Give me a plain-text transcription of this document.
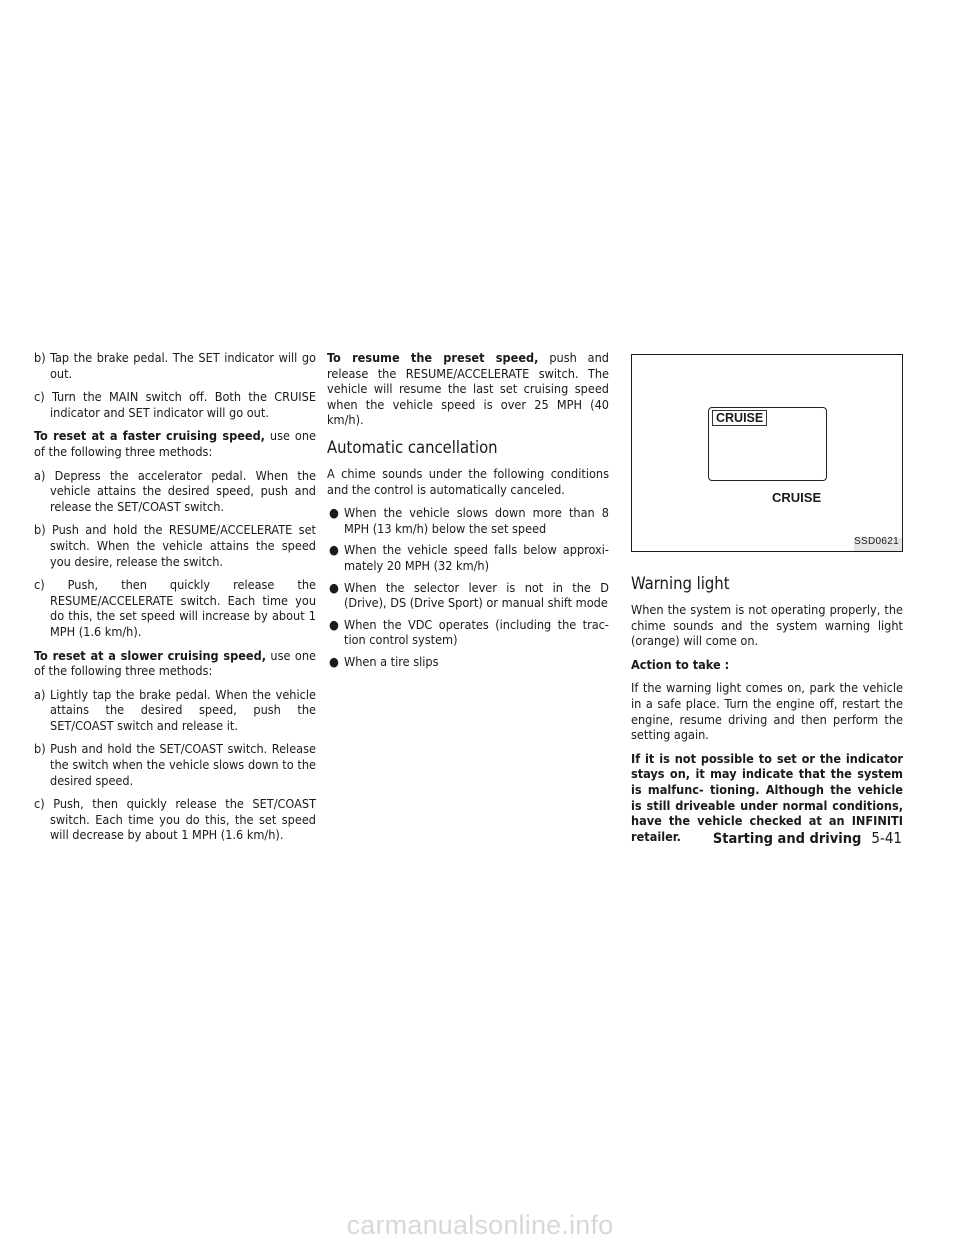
b) Tap the brake pedal. The SET indicator will go out.
c) Turn the MAIN switch off. Both the CRUISE indicator and SET indicator will go out.

To reset at a faster cruising speed, use one of the following three methods:

a) Depress the accelerator pedal. When the vehicle attains the desired speed, push and release the SET/COAST switch.
b) Push and hold the RESUME/ACCELERATE set switch. When the vehicle attains the speed you desire, release the switch.
c) Push, then quickly release the RESUME/ACCELERATE switch. Each time you do this, the set speed will increase by about 1 MPH (1.6 km/h).

To reset at a slower cruising speed, use one of the following three methods:

a) Lightly tap the brake pedal. When the vehicle attains the desired speed, push the SET/COAST switch and release it.
b) Push and hold the SET/COAST switch. Release the switch when the vehicle slows down to the desired speed.
c) Push, then quickly release the SET/COAST switch. Each time you do this, the set speed will decrease by about 1 MPH (1.6 km/h).

To resume the preset speed, push and release the RESUME/ACCELERATE switch. The vehicle will resume the last set cruising speed when the vehicle speed is over 25 MPH (40 km/h).

Automatic cancellation

A chime sounds under the following conditions and the control is automatically canceled.

● When the vehicle slows down more than 8 MPH (13 km/h) below the set speed
● When the vehicle speed falls below approxi- mately 20 MPH (32 km/h)
● When the selector lever is not in the D (Drive), DS (Drive Sport) or manual shift mode
● When the VDC operates (including the trac- tion control system)
● When a tire slips
CRUISE
CRUISE
SSD0621
Warning light

When the system is not operating properly, the chime sounds and the system warning light (orange) will come on.

Action to take :

If the warning light comes on, park the vehicle in a safe place. Turn the engine off, restart the engine, resume driving and then perform the setting again.

If it is not possible to set or the indicator stays on, it may indicate that the system is malfunc- tioning. Although the vehicle is still driveable under normal conditions, have the vehicle checked at an INFINITI retailer.	Starting and driving 5-41
carmanualsonline.info
